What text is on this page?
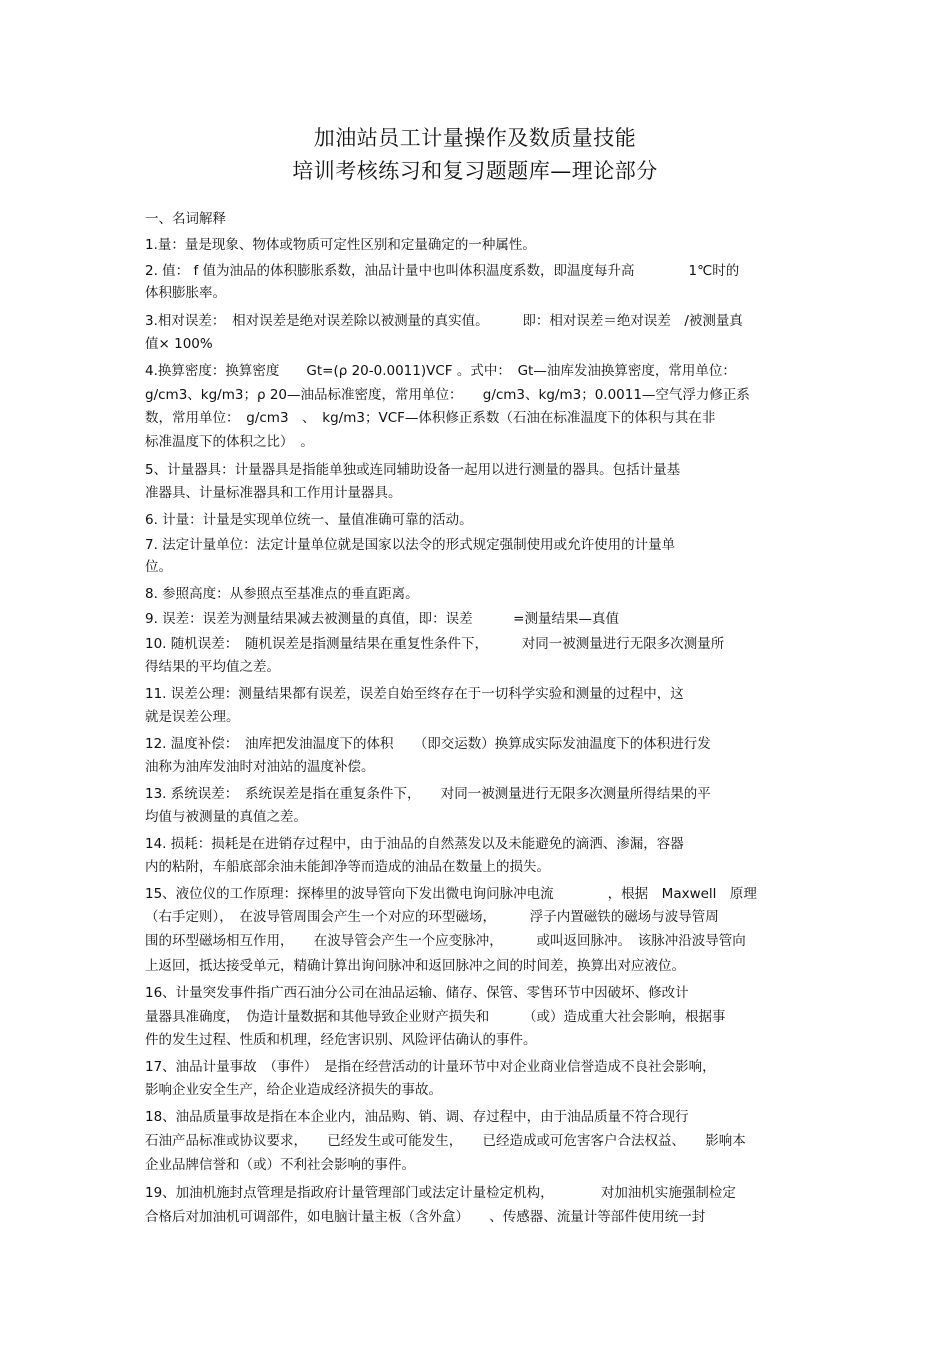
加油站员工计量操作及数质量技能
培训考核练习和复习题题库—理论部分
一、名词解释
1.量：量是现象、物体或物质可定性区别和定量确定的一种属性。
2. 值： f 值为油品的体积膨胀系数，油品计量中也叫体积温度系数，即温度每升高　　　　1℃时的
体积膨胀率。
3.相对误差：　相对误差是绝对误差除以被测量的真实值。　　　即：相对误差＝绝对误差　/被测量真
值× 100%
4.换算密度：换算密度　　Gt=(ρ 20-0.0011)VCF 。式中：　Gt—油库发油换算密度，常用单位：
g/cm3、kg/m3；ρ 20—油品标准密度，常用单位：　　g/cm3、kg/m3；0.0011—空气浮力修正系
数，常用单位：　g/cm3　、　kg/m3；VCF—体积修正系数（石油在标准温度下的体积与其在非
标准温度下的体积之比）　。
5、计量器具：计量器具是指能单独或连同辅助设备一起用以进行测量的器具。包括计量基
准器具、计量标准器具和工作用计量器具。
6. 计量：计量是实现单位统一、量值准确可靠的活动。
7. 法定计量单位：法定计量单位就是国家以法令的形式规定强制使用或允许使用的计量单
位。
8. 参照高度：从参照点至基准点的垂直距离。
9. 误差：误差为测量结果减去被测量的真值，即：误差　　　=测量结果—真值
10. 随机误差：　随机误差是指测量结果在重复性条件下，　　　对同一被测量进行无限多次测量所
得结果的平均值之差。
11. 误差公理：测量结果都有误差，误差自始至终存在于一切科学实验和测量的过程中，这
就是误差公理。
12. 温度补偿：　油库把发油温度下的体积　　（即交运数）换算成实际发油温度下的体积进行发
油称为油库发油时对油站的温度补偿。
13. 系统误差：　系统误差是指在重复条件下，　　对同一被测量进行无限多次测量所得结果的平
均值与被测量的真值之差。
14. 损耗：损耗是在进销存过程中，由于油品的自然蒸发以及未能避免的滴洒、渗漏，容器
内的粘附，车船底部余油未能卸净等而造成的油品在数量上的损失。
15、液位仪的工作原理：探棒里的波导管向下发出微电询问脉冲电流　　　　，根据　Maxwell　原理
（右手定则），　在波导管周围会产生一个对应的环型磁场，　　　浮子内置磁铁的磁场与波导管周
围的环型磁场相互作用，　　在波导管会产生一个应变脉冲，　　　或叫返回脉冲。　该脉冲沿波导管向
上返回，抵达接受单元，精确计算出询问脉冲和返回脉冲之间的时间差，换算出对应液位。
16、计量突发事件指广西石油分公司在油品运输、储存、保管、零售环节中因破坏、修改计
量器具准确度，　伪造计量数据和其他导致企业财产损失和　　　（或）造成重大社会影响，根据事
件的发生过程、性质和机理，经危害识别、风险评估确认的事件。
17、油品计量事故　（事件）　是指在经营活动的计量环节中对企业商业信誉造成不良社会影响，
影响企业安全生产，给企业造成经济损失的事故。
18、油品质量事故是指在本企业内，油品购、销、调、存过程中，由于油品质量不符合现行
石油产品标准或协议要求，　　已经发生或可能发生，　　已经造成或可危害客户合法权益、　　影响本
企业品牌信誉和（或）不利社会影响的事件。
19、加油机施封点管理是指政府计量管理部门或法定计量检定机构，　　　　对加油机实施强制检定
合格后对加油机可调部件，如电脑计量主板（含外盒）　　、传感器、流量计等部件使用统一封
